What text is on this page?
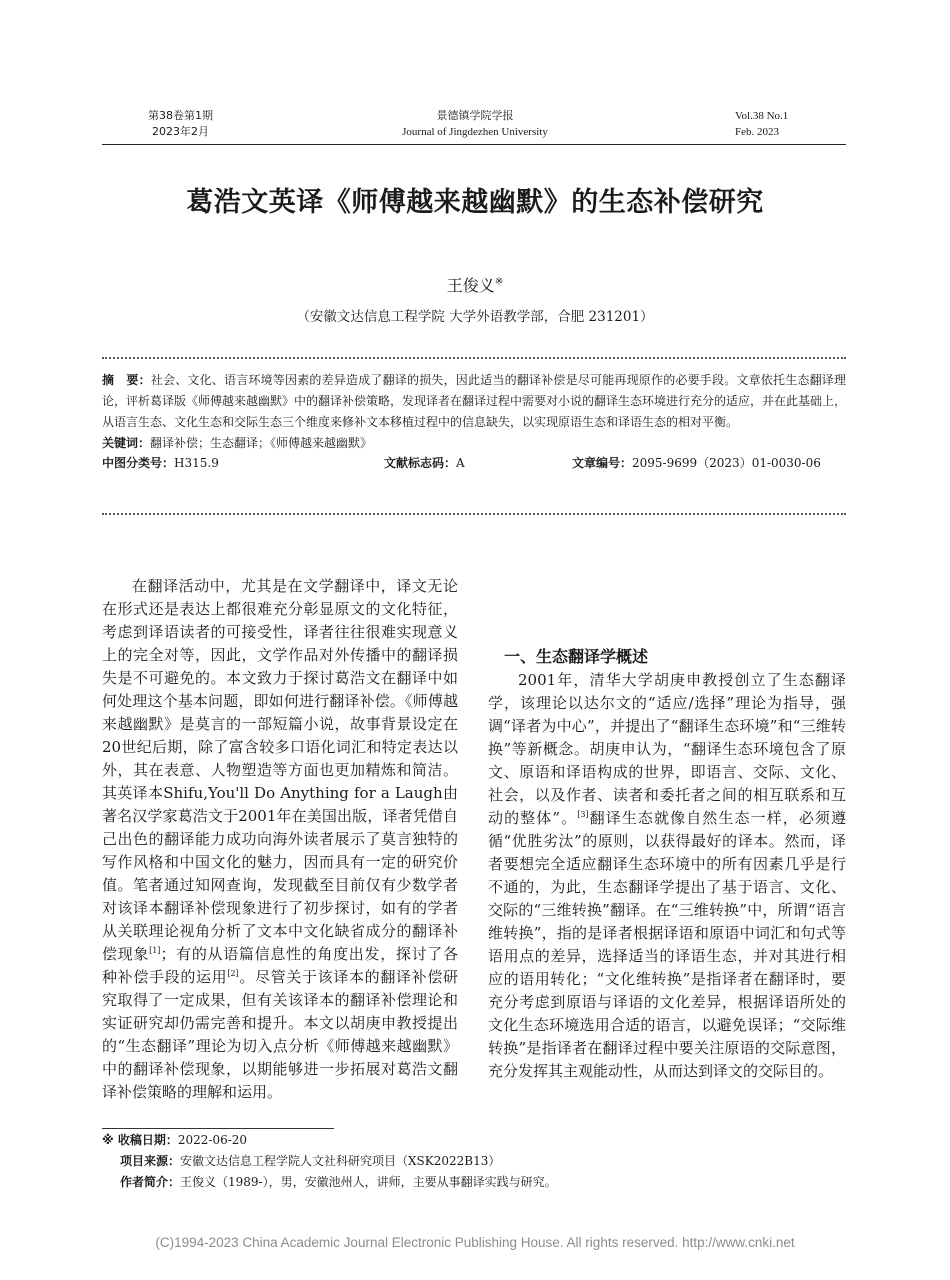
第38卷第1期
2023年2月
景德镇学院学报
Journal of Jingdezhen University
Vol.38 No.1
Feb. 2023
葛浩文英译《师傅越来越幽默》的生态补偿研究
王俊义※
（安徽文达信息工程学院 大学外语教学部，合肥 231201）
摘　要：社会、文化、语言环境等因素的差异造成了翻译的损失，因此适当的翻译补偿是尽可能再现原作的必要手段。文章依托生态翻译理论，评析葛译版《师傅越来越幽默》中的翻译补偿策略，发现译者在翻译过程中需要对小说的翻译生态环境进行充分的适应，并在此基础上，从语言生态、文化生态和交际生态三个维度来修补文本移植过程中的信息缺失，以实现原语生态和译语生态的相对平衡。
关键词：翻译补偿；生态翻译；《师傅越来越幽默》
中图分类号：H315.9	文献标志码：A	文章编号：2095-9699（2023）01-0030-06

在翻译活动中，尤其是在文学翻译中，译文无论在形式还是表达上都很难充分彰显原文的文化特征，考虑到译语读者的可接受性，译者往往很难实现意义上的完全对等，因此，文学作品对外传播中的翻译损失是不可避免的。本文致力于探讨葛浩文在翻译中如何处理这个基本问题，即如何进行翻译补偿。《师傅越来越幽默》是莫言的一部短篇小说，故事背景设定在20世纪后期，除了富含较多口语化词汇和特定表达以外，其在表意、人物塑造等方面也更加精炼和简洁。其英译本Shifu,You'll Do Anything for a Laugh由著名汉学家葛浩文于2001年在美国出版，译者凭借自己出色的翻译能力成功向海外读者展示了莫言独特的写作风格和中国文化的魅力，因而具有一定的研究价值。笔者通过知网查询，发现截至目前仅有少数学者对该译本翻译补偿现象进行了初步探讨，如有的学者从关联理论视角分析了文本中文化缺省成分的翻译补偿现象[1]；有的从语篇信息性的角度出发，探讨了各种补偿手段的运用[2]。尽管关于该译本的翻译补偿研究取得了一定成果，但有关该译本的翻译补偿理论和实证研究却仍需完善和提升。本文以胡庚申教授提出的“生态翻译”理论为切入点分析《师傅越来越幽默》中的翻译补偿现象，以期能够进一步拓展对葛浩文翻译补偿策略的理解和运用。

一、生态翻译学概述

2001年，清华大学胡庚申教授创立了生态翻译学，该理论以达尔文的“适应/选择”理论为指导，强调“译者为中心”，并提出了“翻译生态环境”和“三维转换”等新概念。胡庚申认为，“翻译生态环境包含了原文、原语和译语构成的世界，即语言、交际、文化、社会，以及作者、读者和委托者之间的相互联系和互动的整体”。[3]翻译生态就像自然生态一样，必须遵循“优胜劣汰”的原则，以获得最好的译本。然而，译者要想完全适应翻译生态环境中的所有因素几乎是行不通的，为此，生态翻译学提出了基于语言、文化、交际的“三维转换”翻译。在“三维转换”中，所谓“语言维转换”，指的是译者根据译语和原语中词汇和句式等语用点的差异，选择适当的译语生态，并对其进行相应的语用转化；“文化维转换”是指译者在翻译时，要充分考虑到原语与译语的文化差异，根据译语所处的文化生态环境选用合适的语言，以避免误译；“交际维转换”是指译者在翻译过程中要关注原语的交际意图，充分发挥其主观能动性，从而达到译文的交际目的。

※ 收稿日期：2022-06-20
项目来源：安徽文达信息工程学院人文社科研究项目（XSK2022B13）
作者简介：王俊义（1989-），男，安徽池州人，讲师，主要从事翻译实践与研究。
(C)1994-2023 China Academic Journal Electronic Publishing House. All rights reserved. http://www.cnki.net
